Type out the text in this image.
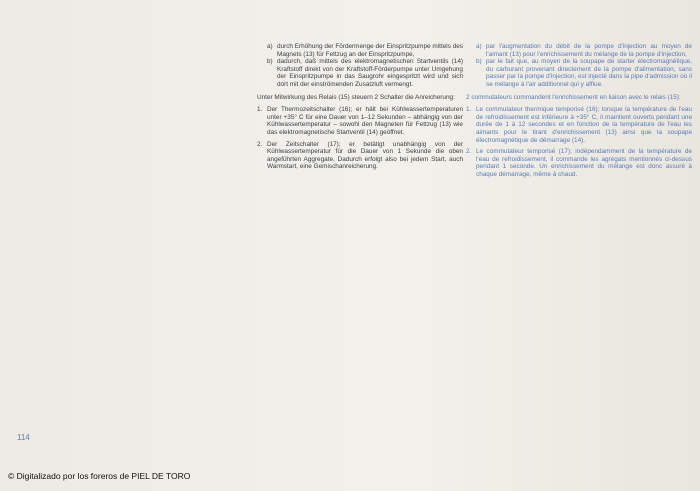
a) durch Erhöhung der Fördermenge der Einspritzpumpe mittels des Magnets (13) für Fettzug an der Einspritzpumpe,
b) dadurch, daß mittels des elektromagnetischen Startventils (14) Kraftstoff direkt von der Kraftstoff-Förderpumpe unter Umgehung der Einspritzpumpe in das Saugrohr eingespritzt wird und sich dort mit der einströmenden Zusatzluft vermengt.
Unter Mitwirkung des Relais (15) steuern 2 Schalter die Anreicherung:
1. Der Thermozeitschalter (16); er hält bei Kühlwassertemperaturen unter +35° C für eine Dauer von 1–12 Sekunden – abhängig von der Kühlwassertemperatur – sowohl den Magneten für Fettzug (13) wie das elektromagnetische Startventil (14) geöffnet.
2. Der Zeitschalter (17); er betätigt unabhängig von der Kühlwassertemperatur für die Dauer von 1 Sekunde die oben angeführten Aggregate. Dadurch erfolgt also bei jedem Start, auch Warmstart, eine Gemischanreicherung.
a) par l'augmentation du débit de la pompe d'injection au moyen de l'aimant (13) pour l'enrichissement du mélange de la pompe d'injection,
b) par le fait que, au moyen de la soupape de starter électromagnétique, du carburant provenant directement de la pompe d'alimentation, sans passer par la pompe d'injection, est injecté dans la pipe d'admission où il se mélange à l'air additionnel qui y afflue.
2 commutateurs commandent l'enrichissement en liaison avec le relais (15):
1. Le commutateur thermique temporisé (16); lorsque la température de l'eau de refroidissement est inférieure à +35° C, il maintient ouverts pendant une durée de 1 à 12 secondes et en fonction de la température de l'eau les aimants pour le tirant d'enrichissement (13) ainsi que la soupape électromagnétique de démarrage (14).
2. Le commutateur temporisé (17); indépendamment de la température de l'eau de refroidissement, il commande les agrégats mentionnés ci-dessus pendant 1 seconde. Un enrichissement du mélange est donc assuré à chaque démarrage, même à chaud.
114
© Digitalizado por los foreros de PIEL DE TORO
